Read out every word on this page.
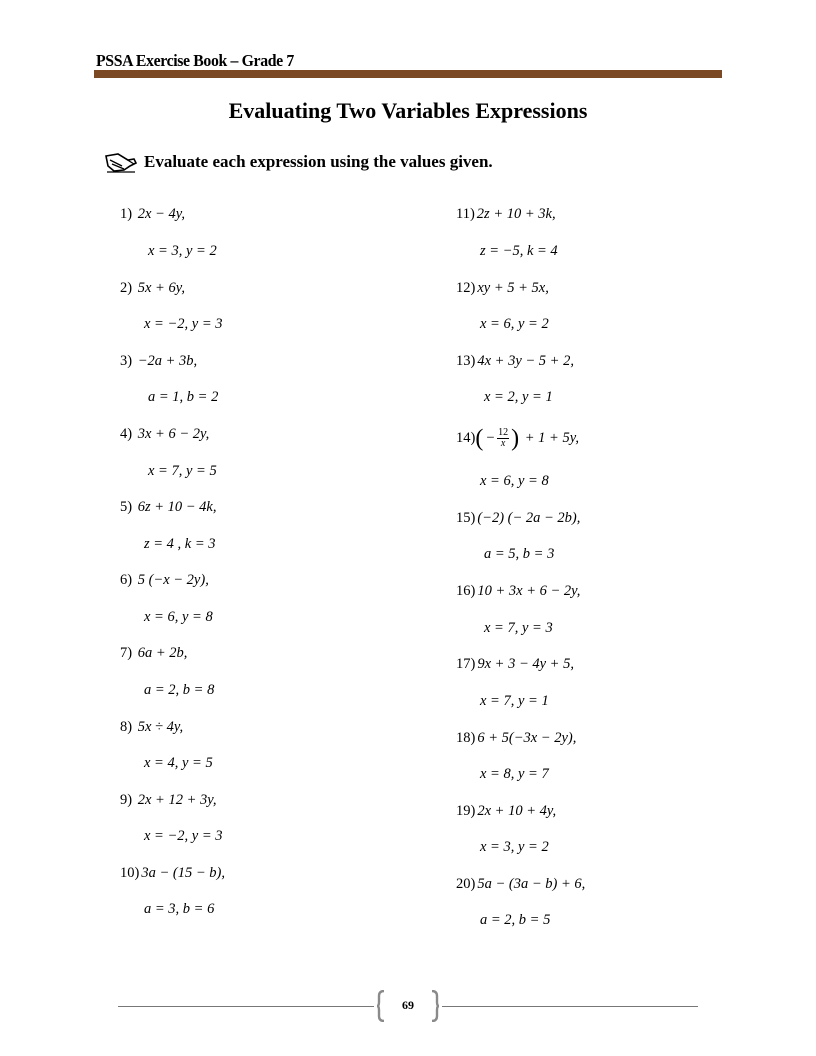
PSSA Exercise Book – Grade 7
Evaluating Two Variables Expressions
Evaluate each expression using the values given.
1) 2x − 4y,
x = 3, y = 2
2) 5x + 6y,
x = −2, y = 3
3) −2a + 3b,
a = 1, b = 2
4) 3x + 6 − 2y,
x = 7, y = 5
5) 6z + 10 − 4k,
z = 4 , k = 3
6) 5 (−x − 2y),
x = 6, y = 8
7) 6a + 2b,
a = 2, b = 8
8) 5x ÷ 4y,
x = 4, y = 5
9) 2x + 12 + 3y,
x = −2, y = 3
10) 3a − (15 − b),
a = 3, b = 6
11) 2z + 10 + 3k,
z = −5, k = 4
12) xy + 5 + 5x,
x = 6, y = 2
13) 4x + 3y − 5 + 2,
x = 2, y = 1
$14)( - \frac{12}{x}$ ) + 1 + 5y,
x = 6, y = 8
15) (−2) (− 2a − 2b),
a = 5, b = 3
16) 10 + 3x + 6 − 2y,
x = 7, y = 3
17) 9x + 3 − 4y + 5,
x = 7, y = 1
18) 6 + 5(−3x − 2y),
x = 8, y = 7
19) 2x + 10 + 4y,
x = 3, y = 2
20) 5a − (3a − b) + 6,
a = 2, b = 5
69
